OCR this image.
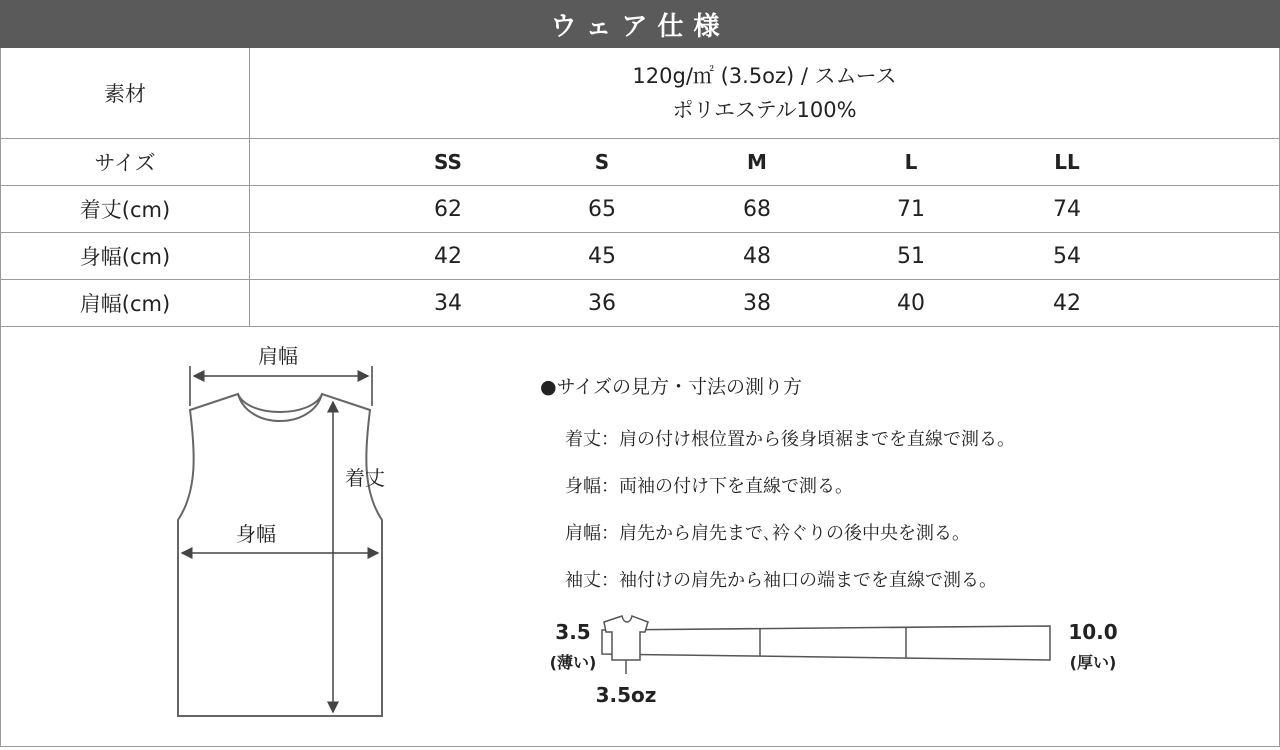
ウェア仕様
素材
120g/㎡ (3.5oz) / スムース
ポリエステル100%
サイズ	SS	S	M	L	LL
着丈(cm)	62	65	68	71	74
身幅(cm)	42	45	48	51	54
肩幅(cm)	34	36	38	40	42
肩幅
着丈
身幅
●サイズの見方・寸法の測り方
着丈：肩の付け根位置から後身頃裾までを直線で測る。
身幅：両袖の付け下を直線で測る。
肩幅：肩先から肩先まで､衿ぐりの後中央を測る。
袖丈：袖付けの肩先から袖口の端までを直線で測る。
3.5
(薄い)
10.0
(厚い)
3.5oz
